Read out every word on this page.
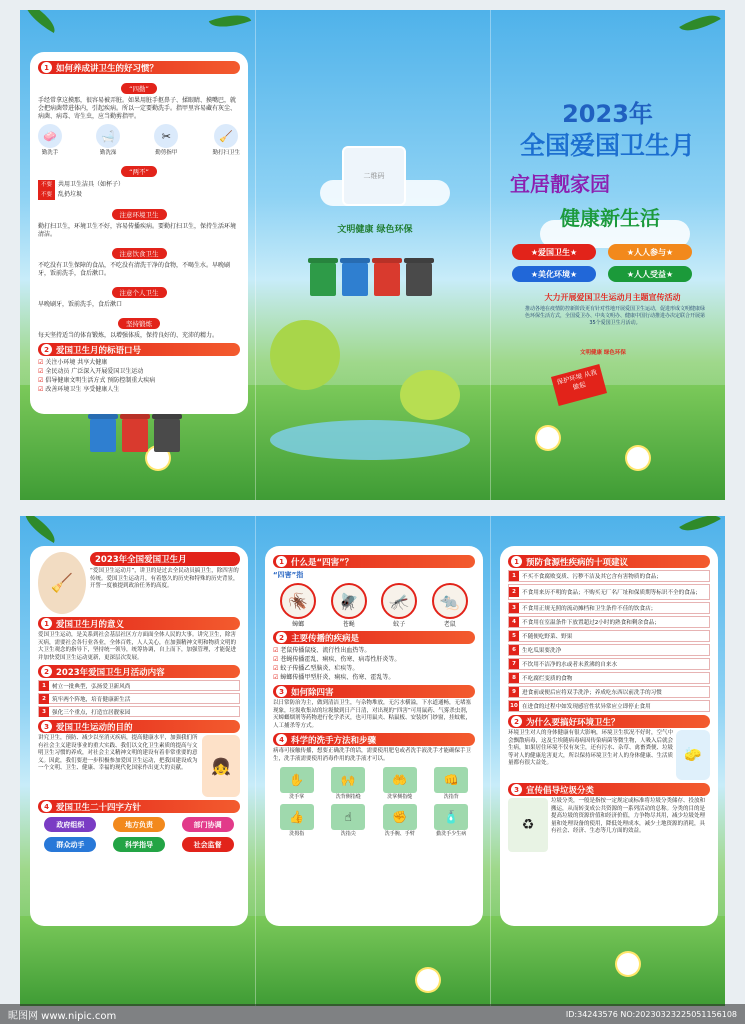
1 如何养成讲卫生的好习惯？
“四勤”
手经常拿这摸那，很容易被弄脏。如果用脏手抠鼻子、揉眼睛、摸嘴巴，就会把病菌带进体内，引起疾病。所以一定要勤洗手。指甲里容易藏有灰尘、病菌、病毒、寄生虫，应当勤剪指甲。
🧼
勤洗手
🛁
勤洗澡
✂
勤剪指甲
🧹
勤打扫卫生
“两不”
不要	共用卫生洁具（如杯子）
不要	乱扔垃圾
注意环境卫生
勤打扫卫生，环境卫生不好，容易传播疾病。要勤打扫卫生，保持生活环境清洁。
注意饮食卫生
不吃没有卫生保障的食品，不吃没有清洗干净的食物，不喝生水。早晚刷牙，饭前洗手，食后漱口。
注意个人卫生
早晚刷牙，饭前洗手，食后漱口
坚持锻炼
每天坚持适当的体育锻炼，以增强体质，保持良好的、充沛的精力。
2 爱国卫生月的标语口号
☑ 关注小环境 共享大健康
☑ 全民动员 广泛深入开展爱国卫生运动
☑ 倡导健康文明生活方式 预防控制重大疾病
☑ 改善环境卫生 享受健康人生
二维码
文明健康 绿色环保
2023年
全国爱国卫生月
宜居靓家园
健康新生活
★爱国卫生★	★人人参与★
★美化环境★	★人人受益★
大力开展爱国卫生运动月主题宣传活动
推动各地在疫情防控新阶段更有针对性地开展爱国卫生运动，促进形成文明健康绿色环保生活方式，全国爱卫办、中央文明办、健康中国行动推进办决定联合开展第35个爱国卫生月活动。
文明健康 绿色环保
保护环境 从我做起
🧹
2023年全国爱国卫生月
“爱国卫生运动月”，讲卫的是过去全民动员搞卫生，除四害的传统。爱国卫生运动月，有着悠久的历史和特殊的历史背景，开誓一度被提到政治任务的高度。
1 爱国卫生月的意义
爱国卫生运动，是关系到社会基层社区方方面面全体人民的大事。讲究卫生，除害灭病，需要社会各行业各业，全体百姓，人人关心，在加强精神文明和物质文明的大卫生观念的指导下，坚持统一领导，统筹协调，自上而下，加强管理，才能促进并加快爱国卫生运动更新，更深层次发展。
2 2023年爱国卫生月活动内容
1	树立一批典型，弘扬爱卫新风尚
2	筑牢两个阵地，培育健康新生活
3	强化三个重点，打造宜居靓家园
3 爱国卫生运动的目的
讲究卫生，预防、减少以至消灭疾病，提高健康水平，加强我们所有社会主义建设事业的重大实践、我们以文化卫生素质的提高与文明卫生习惯的养成，对社会主义精神文明的建设有着非常重要的意义。因此，我们要进一步积极参加爱国卫生运动，把我国建设成为一个文明、卫生、健康、幸福的现代化国家作出更大的贡献。	👧
4 爱国卫生二十四字方针
政府组织	地方负责	部门协调
群众动手	科学指导	社会监督
1 什么是“四害”？
“四害”指
🪳
蟑螂
🪰
苍蝇
🦟
蚊子
🐀
老鼠
2 主要传播的疾病是
☑ 老鼠传播鼠疫、流行性出血热等。
☑ 苍蝇传播霍乱、痢疾、伤寒、病毒性肝炎等。
☑ 蚊子传播乙型脑炎、疟疾等。
☑ 蟑螂传播甲型肝炎、痢疾、伤寒、霍乱等。
3 如何除四害
以日常防治为主，做到清洁卫生，与杂物堆放，无污水横溢，下水道通畅，无堵塞现象，垃圾收集站的垃圾做到日产日清，对出现的“四害”可用鼠药、气雾杀虫剂，灭蟑螂烟剂等药物进行化学杀灭，也可用鼠夹、粘鼠板、安装纱门纱窗，挂蚊帐，人工捕杀等方式。
4 科学的洗手方法和步骤
病毒可接触传播，想要正确洗手的话，需要使用肥皂或者洗手液洗手才能确保手卫生，洗手液需要使用消毒作用的洗手液才可以。
✋
洗手掌
🙌
洗背侧指缝
🤲
洗掌侧指缝
👊
洗指背
👍
洗拇指
☝
洗指尖
✊
洗手腕、手臂
🧴
勤洗手少生病
1 预防食源性疾病的十项建议
1	不买不食腐败变质、污秽不洁及其它含有害物质的食品；
2	不食用来历不明的食品；不购买无厂名厂址和保质期等标识不全的食品；
3	不食用正规无照的流动摊档和卫生条件不佳的饮食店；
4	不食用在室温条件下放置超过2小时的熟食和剩余食品；
5	不随便吃野菜、野果
6	生吃瓜果要洗净
7	不饮用不洁净的水或者未煮沸的自来水
8	不吃腐烂变质的食物
9	进食前或便后应将双手洗净；养成吃东西以前洗手的习惯
10 在进食的过程中如发现感官性状异常应立即停止食用
2 为什么要搞好环境卫生？
环境卫生对人的身体健康有很大影响，环境卫生状况不好时，空气中会飘散病毒，这及尘埃随病毒病因传染病菌等微生物，人吸入后就会生病，如果居住环境不仅有灰尘，还有污水、杂草、禽畜粪便、垃圾等对人的健康危害更大，所以保持环境卫生对人的身体健康、生活质量都有很大益处。	🧽
3 宣传倡导垃圾分类
♻
垃圾分类，一般是指按一定规定或标准将垃圾分类储存、投放和搬运，从而转变成公共资源的一系列活动的总称。分类的目的是提高垃圾的资源价值和经济价值，力争物尽其用，减少垃圾处理量和处理设备的使用，降低处理成本，减少土地资源的消耗，具有社会、经济、生态等几方面的效益。
昵图网 www.nipic.com	ID:34243576 NO:20230323225051156108
